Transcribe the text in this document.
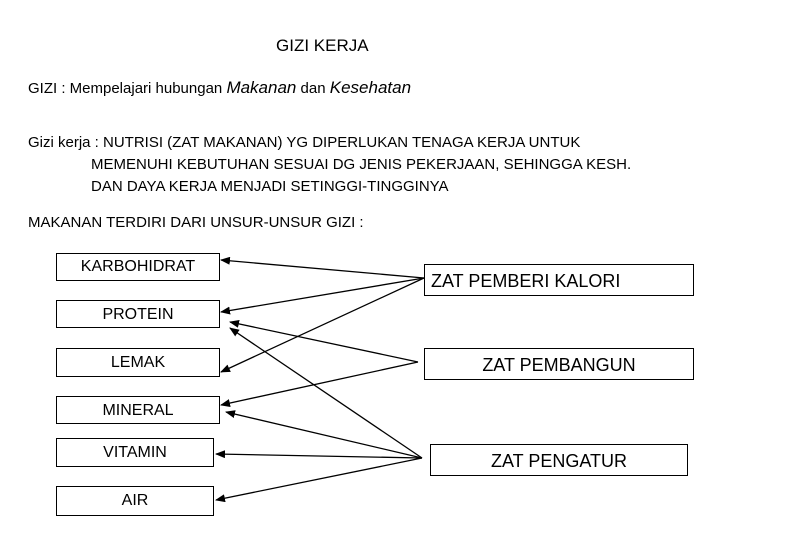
GIZI KERJA
GIZI : Mempelajari hubungan Makanan dan Kesehatan
Gizi kerja : NUTRISI (ZAT MAKANAN) YG DIPERLUKAN TENAGA KERJA UNTUK
MEMENUHI KEBUTUHAN SESUAI DG JENIS PEKERJAAN, SEHINGGA KESH.
DAN DAYA KERJA MENJADI SETINGGI-TINGGINYA
MAKANAN TERDIRI DARI UNSUR-UNSUR GIZI :
KARBOHIDRAT
PROTEIN
LEMAK
MINERAL
VITAMIN
AIR
ZAT PEMBERI KALORI
ZAT PEMBANGUN
ZAT PENGATUR
